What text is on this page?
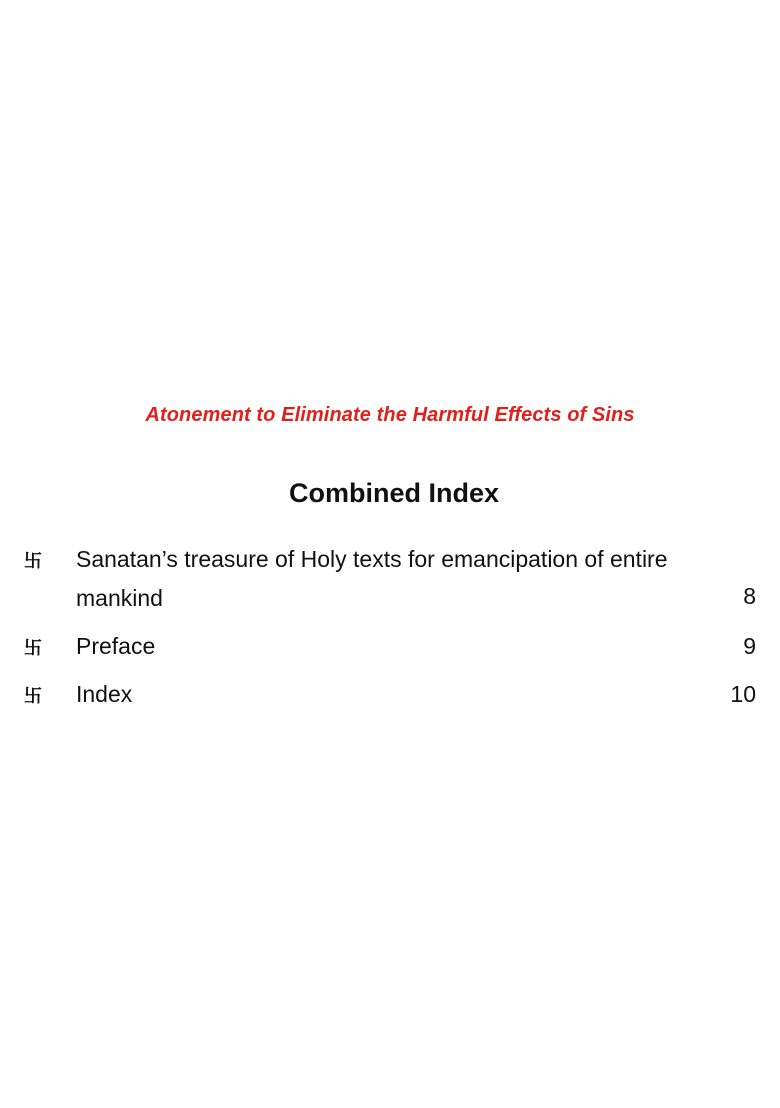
Atonement to Eliminate the Harmful Effects of Sins
Combined Index
卐 Sanatan’s treasure of Holy texts for emancipation of entire mankind	8
卐 Preface	9
卐 Index	10
